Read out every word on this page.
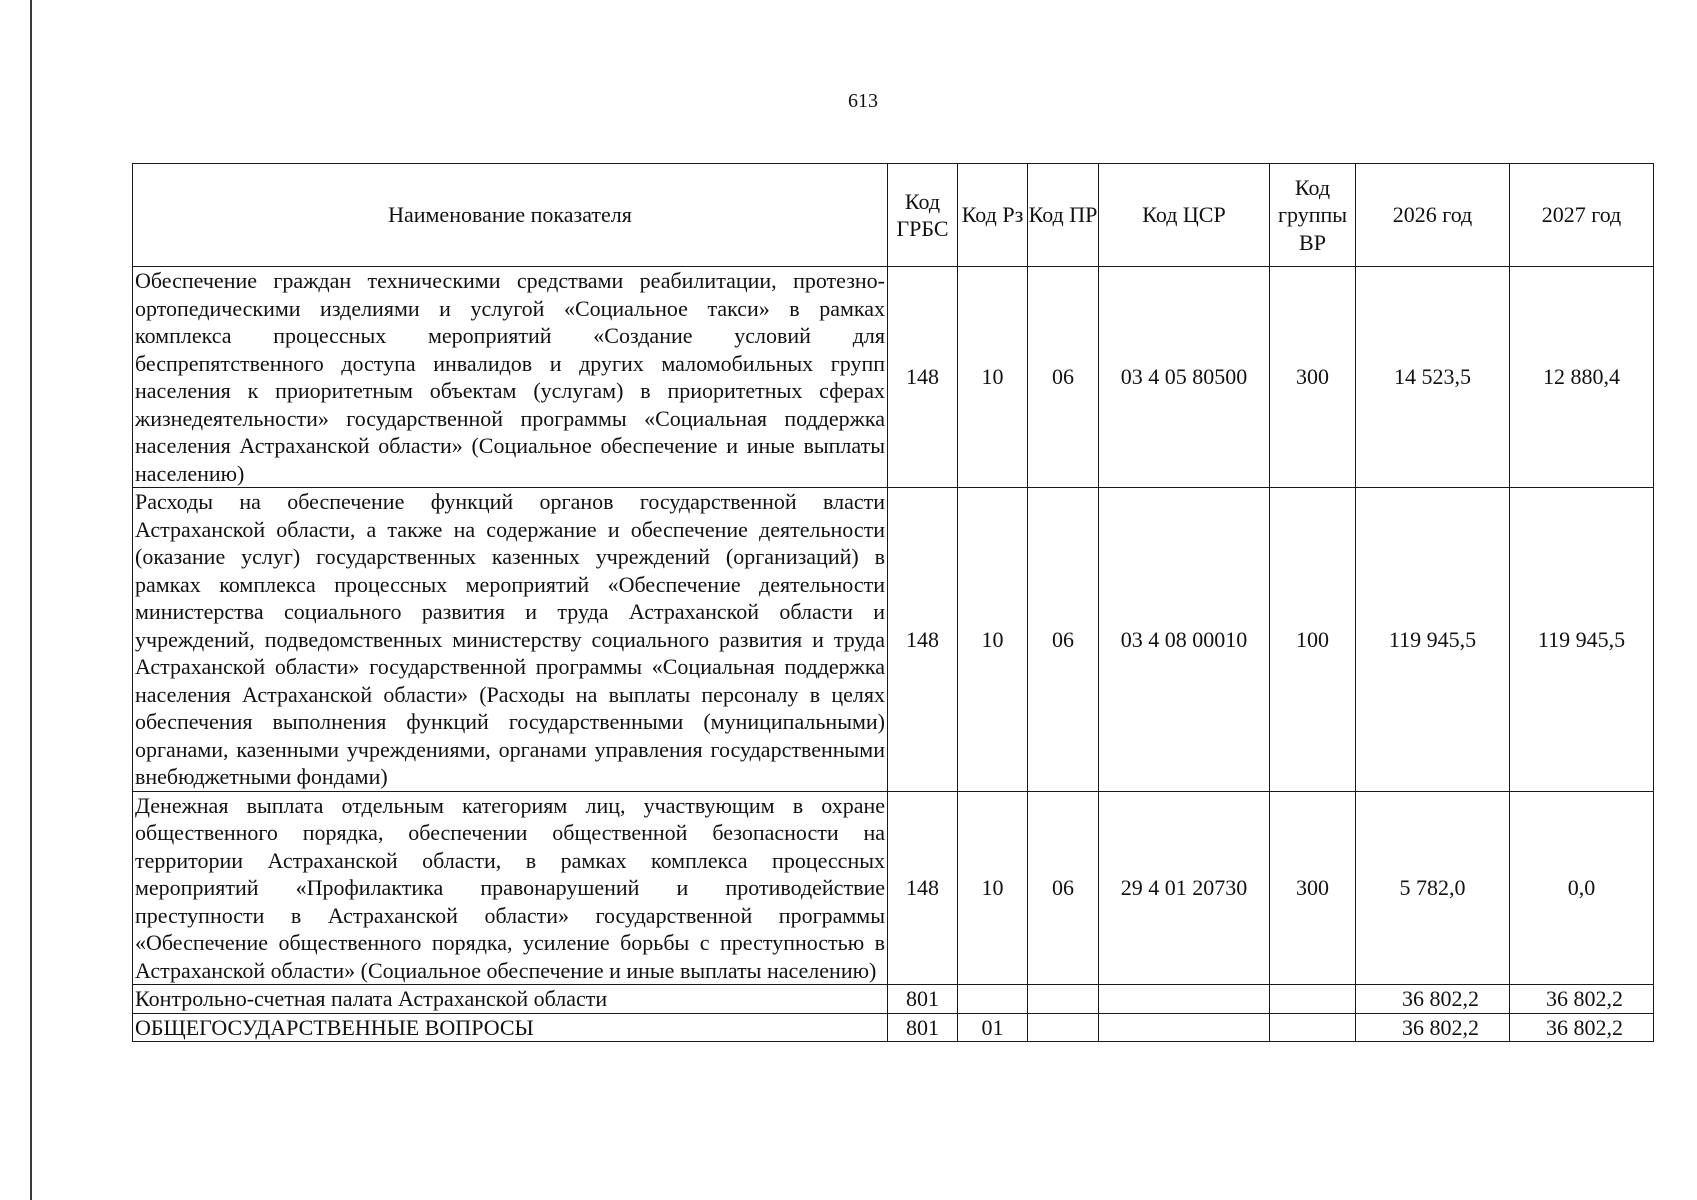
613
Наименование показателя	Код ГРБС	Код Рз	Код ПР	Код ЦСР	Код группы ВР	2026 год	2027 год
Обеспечение граждан техническими средствами реабилитации, протезно-ортопедическими изделиями и услугой «Социальное такси» в рамках комплекса процессных мероприятий «Создание условий для беспрепятственного доступа инвалидов и других маломобильных групп населения к приоритетным объектам (услугам) в приоритетных сферах жизнедеятельности» государственной программы «Социальная поддержка населения Астраханской области» (Социальное обеспечение и иные выплаты населению)	148	10	06	03 4 05 80500	300	14 523,5	12 880,4
Расходы на обеспечение функций органов государственной власти Астраханской области, а также на содержание и обеспечение деятельности (оказание услуг) государственных казенных учреждений (организаций) в рамках комплекса процессных мероприятий «Обеспечение деятельности министерства социального развития и труда Астраханской области и учреждений, подведомственных министерству социального развития и труда Астраханской области» государственной программы «Социальная поддержка населения Астраханской области» (Расходы на выплаты персоналу в целях обеспечения выполнения функций государственными (муниципальными) органами, казенными учреждениями, органами управления государственными внебюджетными фондами)	148	10	06	03 4 08 00010	100	119 945,5	119 945,5
Денежная выплата отдельным категориям лиц, участвующим в охране общественного порядка, обеспечении общественной безопасности на территории Астраханской области, в рамках комплекса процессных мероприятий «Профилактика правонарушений и противодействие преступности в Астраханской области» государственной программы «Обеспечение общественного порядка, усиление борьбы с преступностью в Астраханской области» (Социальное обеспечение и иные выплаты населению)	148	10	06	29 4 01 20730	300	5 782,0	0,0
Контрольно-счетная палата Астраханской области	801					36 802,2	36 802,2
ОБЩЕГОСУДАРСТВЕННЫЕ ВОПРОСЫ	801	01				36 802,2	36 802,2
